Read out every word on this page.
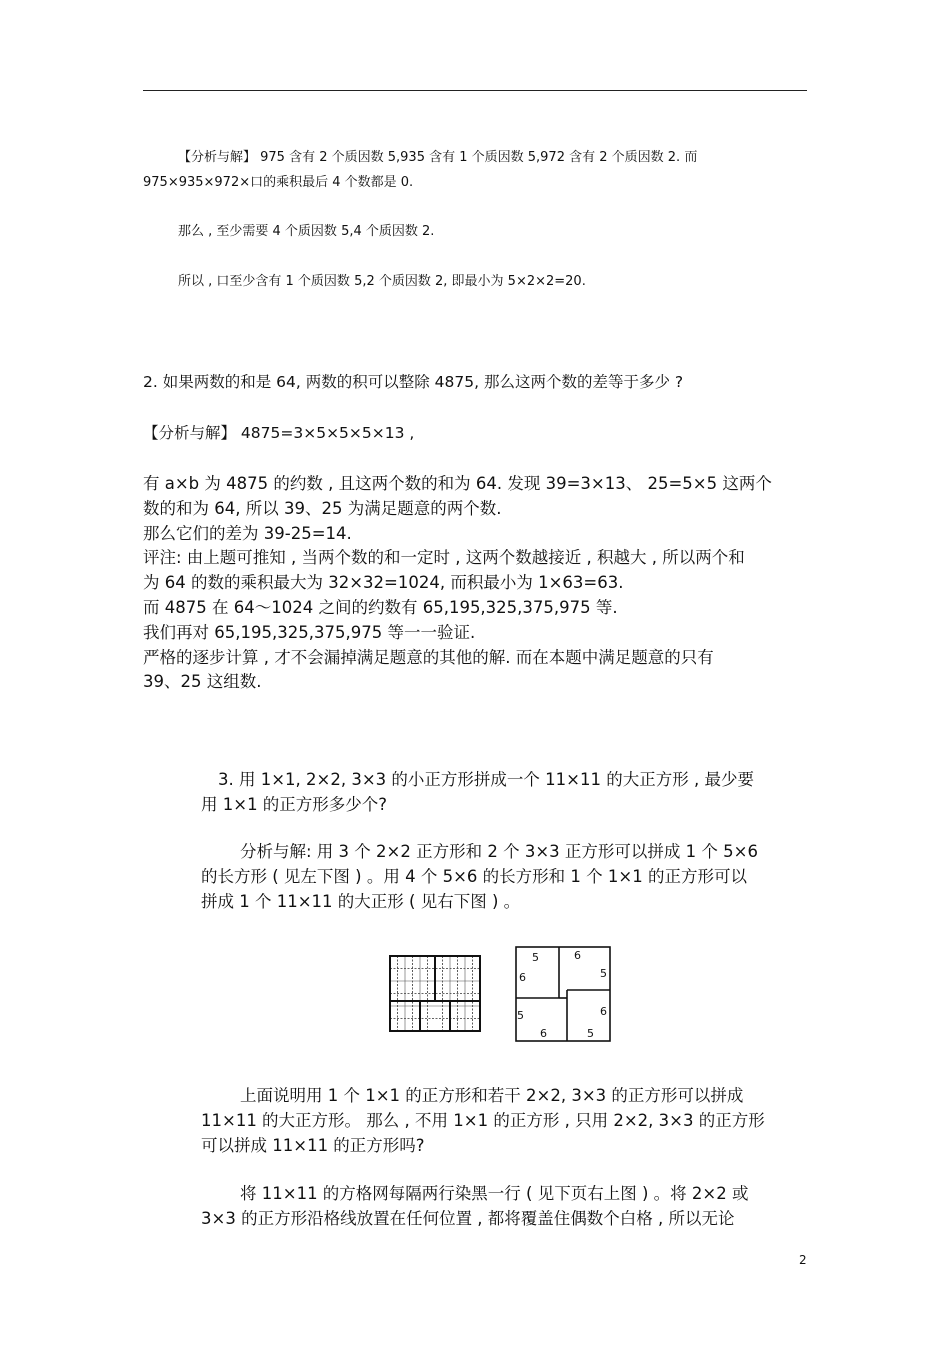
【分析与解】 975 含有 2 个质因数 5,935 含有 1 个质因数 5,972 含有 2 个质因数 2. 而
975×935×972×口的乘积最后 4 个数都是 0.
那么 , 至少需要 4 个质因数 5,4 个质因数 2.
所以 , 口至少含有 1 个质因数 5,2 个质因数 2, 即最小为 5×2×2=20.
2. 如果两数的和是 64, 两数的积可以整除 4875, 那么这两个数的差等于多少 ?
【分析与解】 4875=3×5×5×5×13 ,
有 a×b 为 4875 的约数 , 且这两个数的和为 64. 发现 39=3×13、 25=5×5 这两个
数的和为 64, 所以 39、25 为满足题意的两个数.
那么它们的差为 39-25=14.
评注: 由上题可推知 , 当两个数的和一定时 , 这两个数越接近 , 积越大 , 所以两个和
为 64 的数的乘积最大为 32×32=1024, 而积最小为 1×63=63.
而 4875 在 64～1024 之间的约数有 65,195,325,375,975 等.
我们再对 65,195,325,375,975 等一一验证.
严格的逐步计算 , 才不会漏掉满足题意的其他的解. 而在本题中满足题意的只有
39、25 这组数.
3. 用 1×1, 2×2, 3×3 的小正方形拼成一个 11×11 的大正方形 , 最少要
用 1×1 的正方形多少个?
分析与解: 用 3 个 2×2 正方形和 2 个 3×3 正方形可以拼成 1 个 5×6
的长方形 ( 见左下图 ) 。用 4 个 5×6 的长方形和 1 个 1×1 的正方形可以
拼成 1 个 11×11 的大正形 ( 见右下图 ) 。
5
6
6
5
5
6
6
5
上面说明用 1 个 1×1 的正方形和若干 2×2, 3×3 的正方形可以拼成
11×11 的大正方形。 那么 , 不用 1×1 的正方形 , 只用 2×2, 3×3 的正方形
可以拼成 11×11 的正方形吗?
将 11×11 的方格网每隔两行染黑一行 ( 见下页右上图 ) 。将 2×2 或
3×3 的正方形沿格线放置在任何位置 , 都将覆盖住偶数个白格 , 所以无论
2
